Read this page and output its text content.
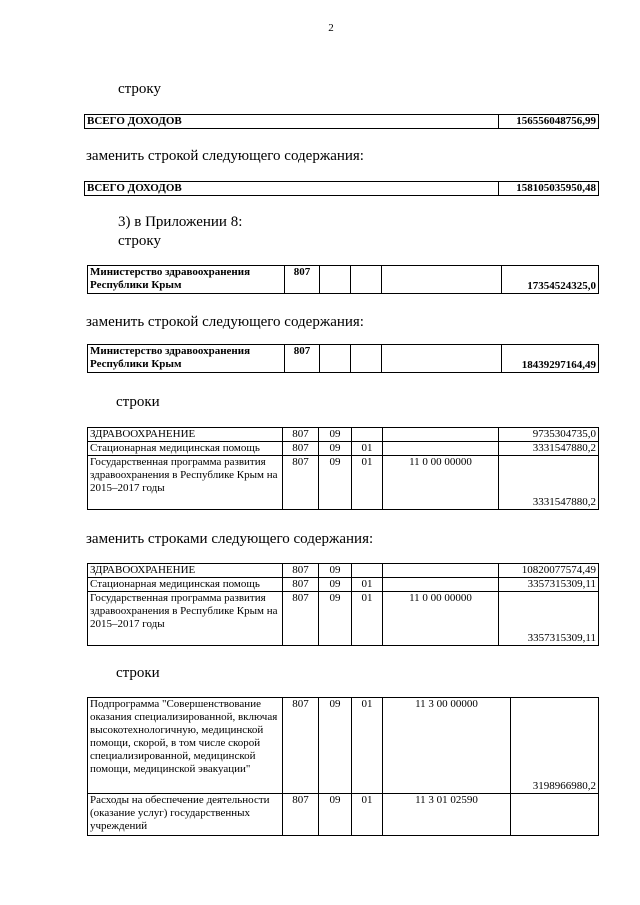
2
строку
ВСЕГО ДОХОДОВ	156556048756,99
заменить строкой следующего содержания:
ВСЕГО ДОХОДОВ	158105035950,48
3) в Приложении 8:
строку
Министерство здравоохранения Республики Крым	807				17354524325,0
заменить строкой следующего содержания:
Министерство здравоохранения Республики Крым	807				18439297164,49
строки
ЗДРАВООХРАНЕНИЕ	807	09			9735304735,0
Стационарная медицинская помощь	807	09	01		3331547880,2
Государственная программа развития здравоохранения в Республике Крым на 2015–2017 годы	807	09	01	11 0 00 00000	3331547880,2
заменить строками следующего содержания:
ЗДРАВООХРАНЕНИЕ	807	09			10820077574,49
Стационарная медицинская помощь	807	09	01		3357315309,11
Государственная программа развития здравоохранения в Республике Крым на 2015–2017 годы	807	09	01	11 0 00 00000	3357315309,11
строки
Подпрограмма "Совершенствование оказания специализированной, включая высокотехнологичную, медицинской помощи, скорой, в том числе скорой специализированной, медицинской помощи, медицинской эвакуации"	807	09	01	11 3 00 00000	3198966980,2
Расходы на обеспечение деятельности (оказание услуг) государственных учреждений	807	09	01	11 3 01 02590	
